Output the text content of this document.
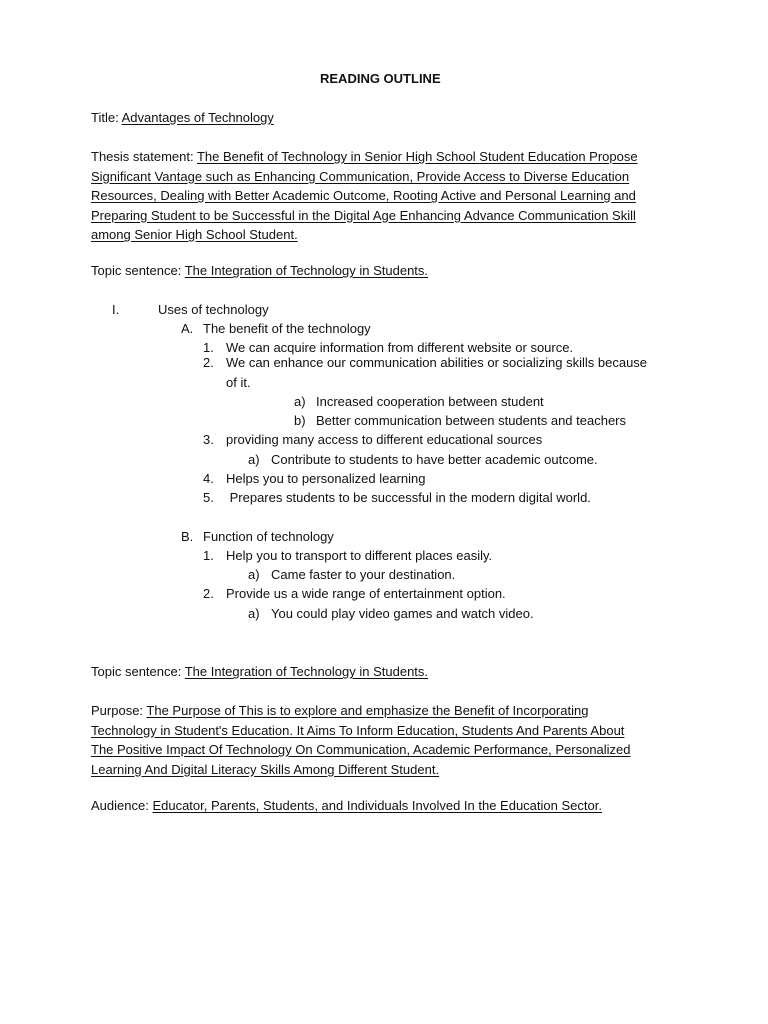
READING OUTLINE
Title: Advantages of Technology
Thesis statement: The Benefit of Technology in Senior High School Student Education Propose
Significant Vantage such as Enhancing Communication, Provide Access to Diverse Education
Resources, Dealing with Better Academic Outcome, Rooting Active and Personal Learning and
Preparing Student to be Successful in the Digital Age Enhancing Advance Communication Skill
among Senior High School Student.
Topic sentence: The Integration of Technology in Students.
I.	Uses of technology
A. The benefit of the technology
1. We can acquire information from different website or source.
2. We can enhance our communication abilities or socializing skills because
of it.
a) Increased cooperation between student
b) Better communication between students and teachers
3. providing many access to different educational sources
a) Contribute to students to have better academic outcome.
4. Helps you to personalized learning
5. Prepares students to be successful in the modern digital world.
B. Function of technology
1. Help you to transport to different places easily.
a) Came faster to your destination.
2. Provide us a wide range of entertainment option.
a) You could play video games and watch video.
Topic sentence: The Integration of Technology in Students.
Purpose: The Purpose of This is to explore and emphasize the Benefit of Incorporating
Technology in Student's Education. It Aims To Inform Education, Students And Parents About
The Positive Impact Of Technology On Communication, Academic Performance, Personalized
Learning And Digital Literacy Skills Among Different Student.
Audience: Educator, Parents, Students, and Individuals Involved In the Education Sector.
